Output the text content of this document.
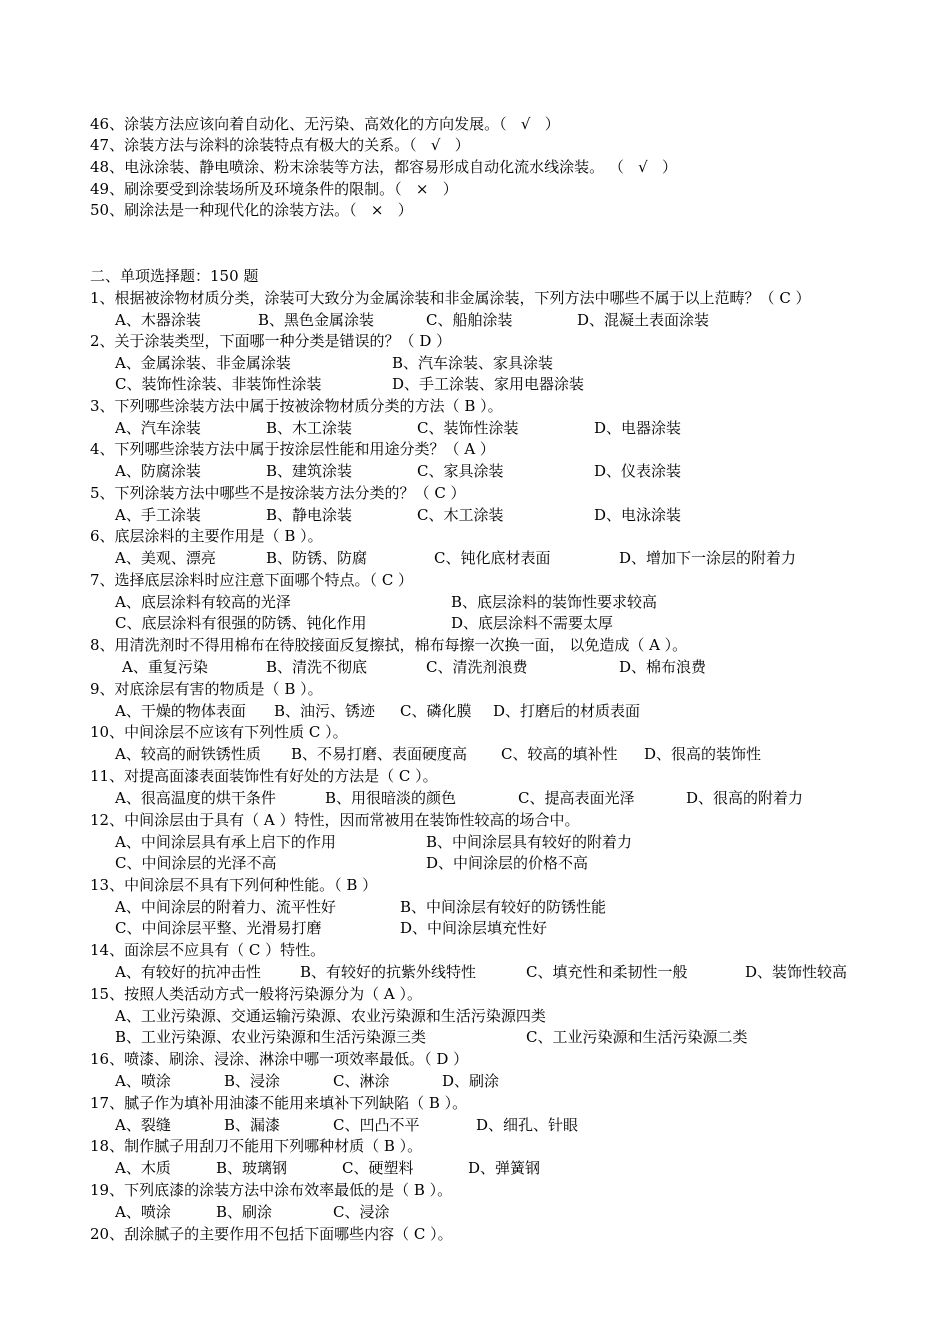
46、涂装方法应该向着自动化、无污染、高效化的方向发展。（   √   ）
47、涂装方法与涂料的涂装特点有极大的关系。（   √   ）
48、电泳涂装、静电喷涂、粉末涂装等方法，都容易形成自动化流水线涂装。 （   √   ）
49、刷涂要受到涂装场所及环境条件的限制。（   ×   ）
50、刷涂法是一种现代化的涂装方法。（   ×   ）
二、单项选择题：150 题
1、根据被涂物材质分类，涂装可大致分为金属涂装和非金属涂装，下列方法中哪些不属于以上范畴？（ C ）
A、木器涂装	B、黑色金属涂装	C、船舶涂装	D、混凝土表面涂装
2、关于涂装类型，下面哪一种分类是错误的？（ D ）
A、金属涂装、非金属涂装	B、汽车涂装、家具涂装
C、装饰性涂装、非装饰性涂装	D、手工涂装、家用电器涂装
3、下列哪些涂装方法中属于按被涂物材质分类的方法（ B ）。
A、汽车涂装	B、木工涂装	C、装饰性涂装	D、电器涂装
4、下列哪些涂装方法中属于按涂层性能和用途分类？（ A ）
A、防腐涂装	B、建筑涂装	C、家具涂装	D、仪表涂装
5、下列涂装方法中哪些不是按涂装方法分类的？（ C ）
A、手工涂装	B、静电涂装	C、木工涂装	D、电泳涂装
6、底层涂料的主要作用是（ B ）。
A、美观、漂亮	B、防锈、防腐	C、钝化底材表面	D、增加下一涂层的附着力
7、选择底层涂料时应注意下面哪个特点。（ C ）
A、底层涂料有较高的光泽	B、底层涂料的装饰性要求较高
C、底层涂料有很强的防锈、钝化作用	D、底层涂料不需要太厚
8、用清洗剂时不得用棉布在待胶接面反复擦拭，棉布每擦一次换一面， 以免造成（ A ）。
A、重复污染	B、清洗不彻底	C、清洗剂浪费	D、棉布浪费
9、对底涂层有害的物质是（ B ）。
A、干燥的物体表面 B、油污、锈迹 C、磷化膜 D、打磨后的材质表面
10、中间涂层不应该有下列性质 C ）。
A、较高的耐铁锈性质 B、不易打磨、表面硬度高 C、较高的填补性 D、很高的装饰性
11、对提高面漆表面装饰性有好处的方法是（ C ）。
A、很高温度的烘干条件	B、用很暗淡的颜色	C、提高表面光泽	D、很高的附着力
12、中间涂层由于具有（ A ）特性，因而常被用在装饰性较高的场合中。
A、中间涂层具有承上启下的作用	B、中间涂层具有较好的附着力
C、中间涂层的光泽不高	D、中间涂层的价格不高
13、中间涂层不具有下列何种性能。（ B ）
A、中间涂层的附着力、流平性好	B、中间涂层有较好的防锈性能
C、中间涂层平整、光滑易打磨	D、中间涂层填充性好
14、面涂层不应具有（ C ）特性。
A、有较好的抗冲击性	B、有较好的抗紫外线特性	C、填充性和柔韧性一般	D、装饰性较高
15、按照人类活动方式一般将污染源分为（ A ）。
A、工业污染源、交通运输污染源、农业污染源和生活污染源四类
B、工业污染源、农业污染源和生活污染源三类	C、工业污染源和生活污染源二类
16、喷漆、刷涂、浸涂、淋涂中哪一项效率最低。（ D ）
A、喷涂	B、浸涂	C、淋涂	D、刷涂
17、腻子作为填补用油漆不能用来填补下列缺陷（ B ）。
A、裂缝	B、漏漆	C、凹凸不平	D、细孔、针眼
18、制作腻子用刮刀不能用下列哪种材质（ B ）。
A、木质	B、玻璃钢	C、硬塑料	D、弹簧钢
19、下列底漆的涂装方法中涂布效率最低的是（ B ）。
A、喷涂	B、刷涂	C、浸涂
20、刮涂腻子的主要作用不包括下面哪些内容（ C ）。
